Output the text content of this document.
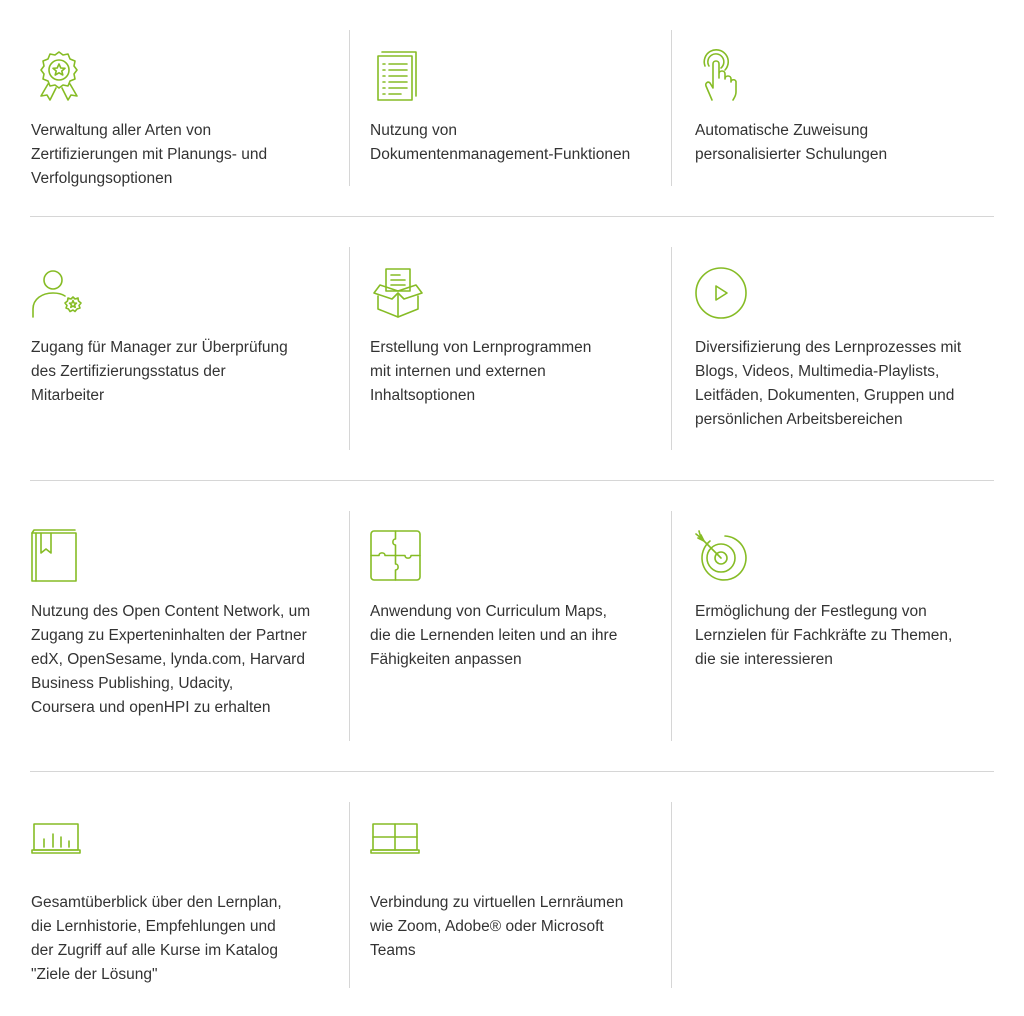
Verwaltung aller Arten von
Zertifizierungen mit Planungs- und
Verfolgungsoptionen
Nutzung von
Dokumentenmanagement-Funktionen
Automatische Zuweisung
personalisierter Schulungen
Zugang für Manager zur Überprüfung
des Zertifizierungsstatus der
Mitarbeiter
Erstellung von Lernprogrammen
mit internen und externen
Inhaltsoptionen
Diversifizierung des Lernprozesses mit
Blogs, Videos, Multimedia-Playlists,
Leitfäden, Dokumenten, Gruppen und
persönlichen Arbeitsbereichen
Nutzung des Open Content Network, um
Zugang zu Experteninhalten der Partner
edX, OpenSesame, lynda.com, Harvard
Business Publishing, Udacity,
Coursera und openHPI zu erhalten
Anwendung von Curriculum Maps,
die die Lernenden leiten und an ihre
Fähigkeiten anpassen
Ermöglichung der Festlegung von
Lernzielen für Fachkräfte zu Themen,
die sie interessieren
Gesamtüberblick über den Lernplan,
die Lernhistorie, Empfehlungen und
der Zugriff auf alle Kurse im Katalog
"Ziele der Lösung"
Verbindung zu virtuellen Lernräumen
wie Zoom, Adobe® oder Microsoft
Teams
